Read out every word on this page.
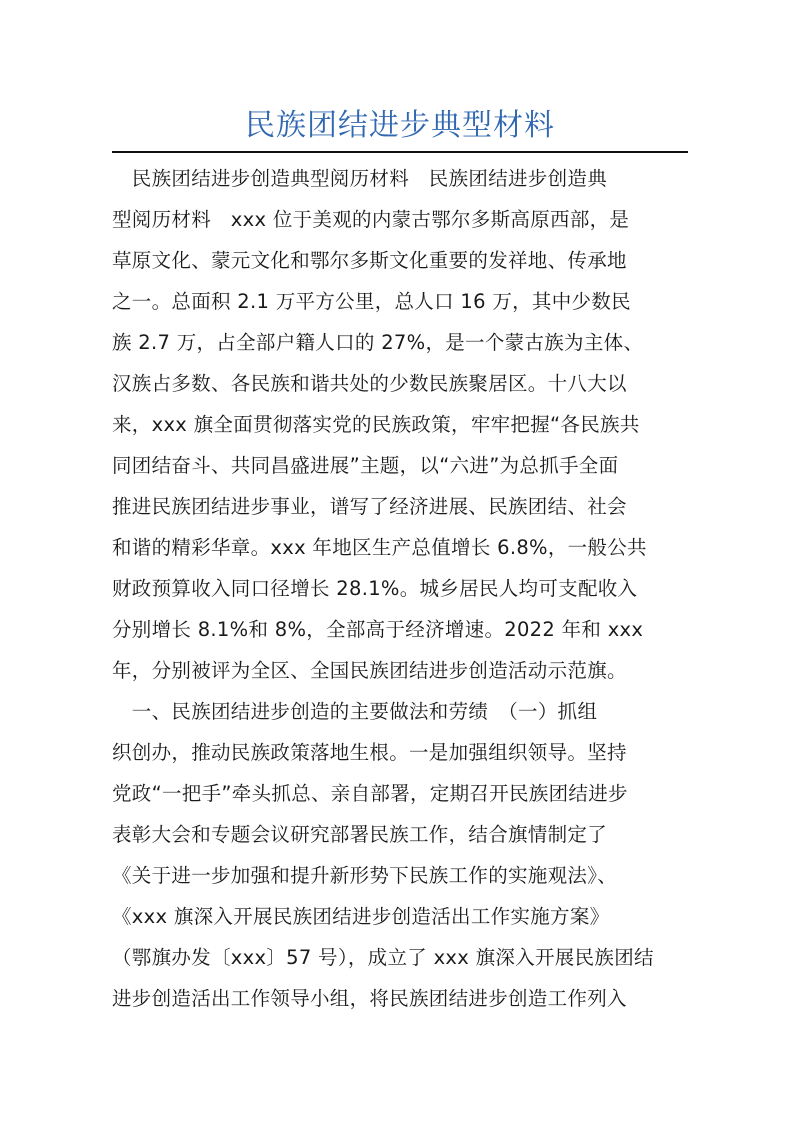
民族团结进步典型材料
　民族团结进步创造典型阅历材料　民族团结进步创造典
型阅历材料　xxx 位于美观的内蒙古鄂尔多斯高原西部，是
草原文化、蒙元文化和鄂尔多斯文化重要的发祥地、传承地
之一。总面积 2.1 万平方公里，总人口 16 万，其中少数民
族 2.7 万，占全部户籍人口的 27%，是一个蒙古族为主体、
汉族占多数、各民族和谐共处的少数民族聚居区。十八大以
来，xxx 旗全面贯彻落实党的民族政策，牢牢把握“各民族共
同团结奋斗、共同昌盛进展”主题，以“六进”为总抓手全面
推进民族团结进步事业，谱写了经济进展、民族团结、社会
和谐的精彩华章。xxx 年地区生产总值增长 6.8%，一般公共
财政预算收入同口径增长 28.1%。城乡居民人均可支配收入
分别增长 8.1%和 8%，全部高于经济增速。2022 年和 xxx
年，分别被评为全区、全国民族团结进步创造活动示范旗。
　一、民族团结进步创造的主要做法和劳绩　（一）抓组
织创办，推动民族政策落地生根。一是加强组织领导。坚持
党政“一把手”牵头抓总、亲自部署，定期召开民族团结进步
表彰大会和专题会议研究部署民族工作，结合旗情制定了
《关于进一步加强和提升新形势下民族工作的实施观法》、
《xxx 旗深入开展民族团结进步创造活出工作实施方案》
（鄂旗办发〔xxx〕57 号），成立了 xxx 旗深入开展民族团结
进步创造活出工作领导小组，将民族团结进步创造工作列入
